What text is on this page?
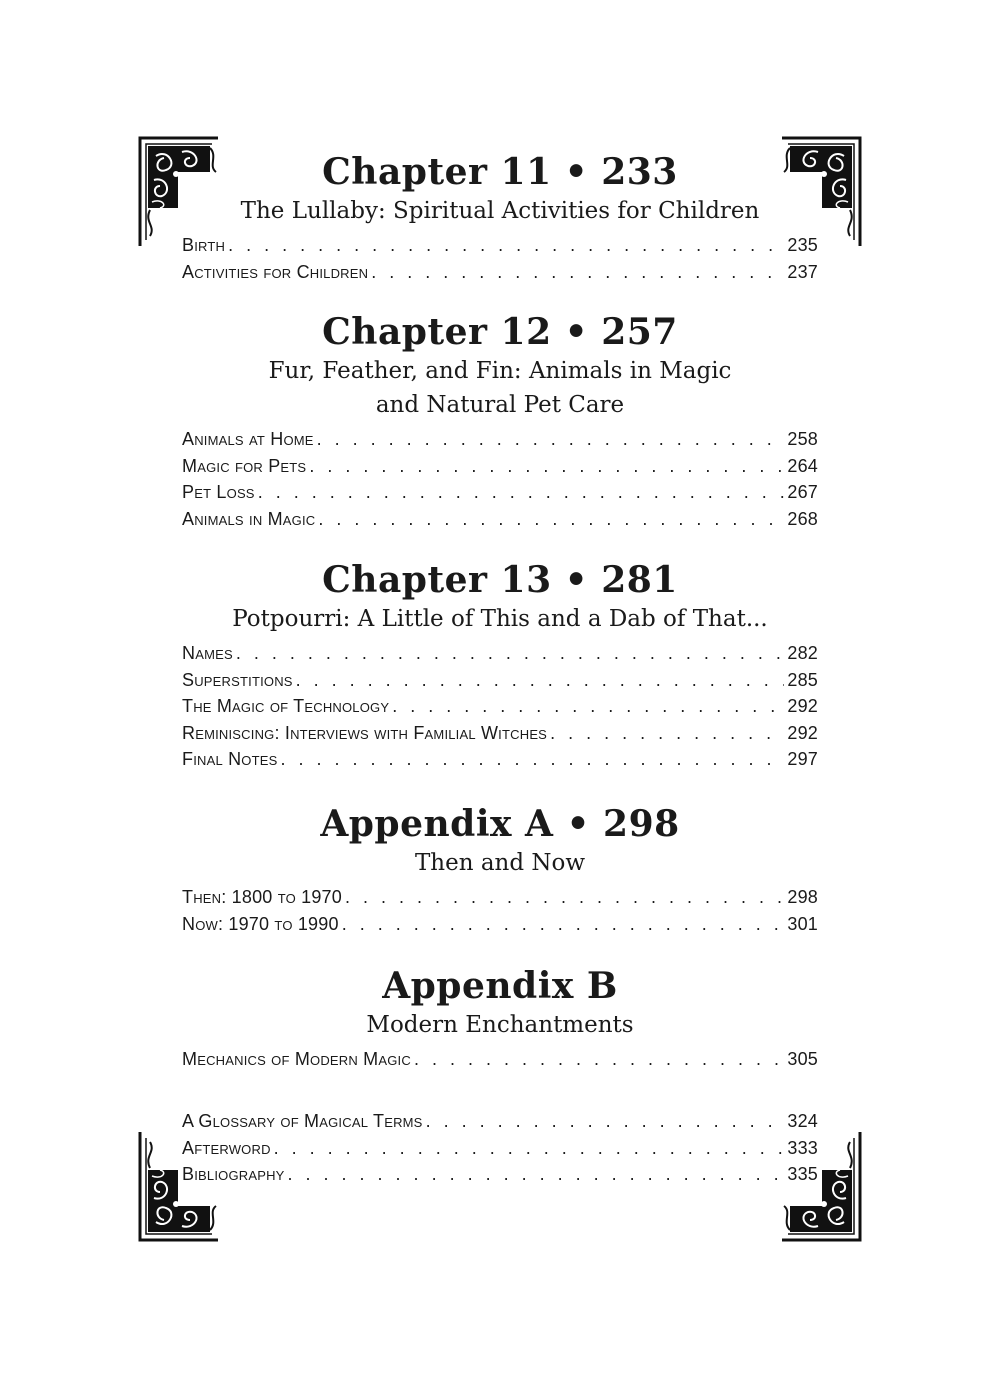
Chapter 11 • 233

The Lullaby: Spiritual Activities for Children

Birth . . .	235
Activities for Children . . .	237
Chapter 12 • 257

Fur, Feather, and Fin: Animals in Magic

and Natural Pet Care

Animals at Home . . .	258
Magic for Pets . . .	264
Pet Loss . . .	267
Animals in Magic . . .	268
Chapter 13 • 281

Potpourri: A Little of This and a Dab of That...

Names . . .	282
Superstitions . . .	285
The Magic of Technology . . .	292
Reminiscing: Interviews with Familial Witches . . .	292
Final Notes . . .	297
Appendix A • 298

Then and Now

Then: 1800 to 1970 . . .	298
Now: 1970 to 1990 . . .	301
Appendix B

Modern Enchantments

Mechanics of Modern Magic . . .	305
A Glossary of Magical Terms . . .	324
Afterword . . .	333
Bibliography . . .	335
